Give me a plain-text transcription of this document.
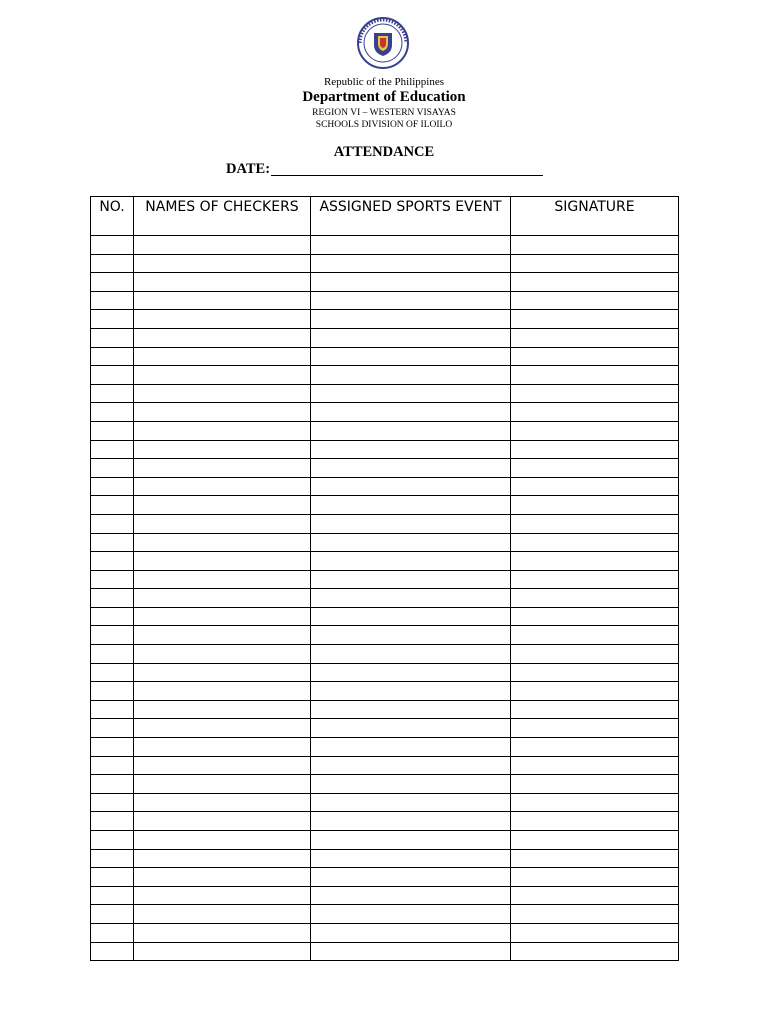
Republic of the Philippines
Department of Education
REGION VI – WESTERN VISAYAS
SCHOOLS DIVISION OF ILOILO
ATTENDANCE
DATE:
NO.	NAMES OF CHECKERS	ASSIGNED SPORTS EVENT	SIGNATURE
